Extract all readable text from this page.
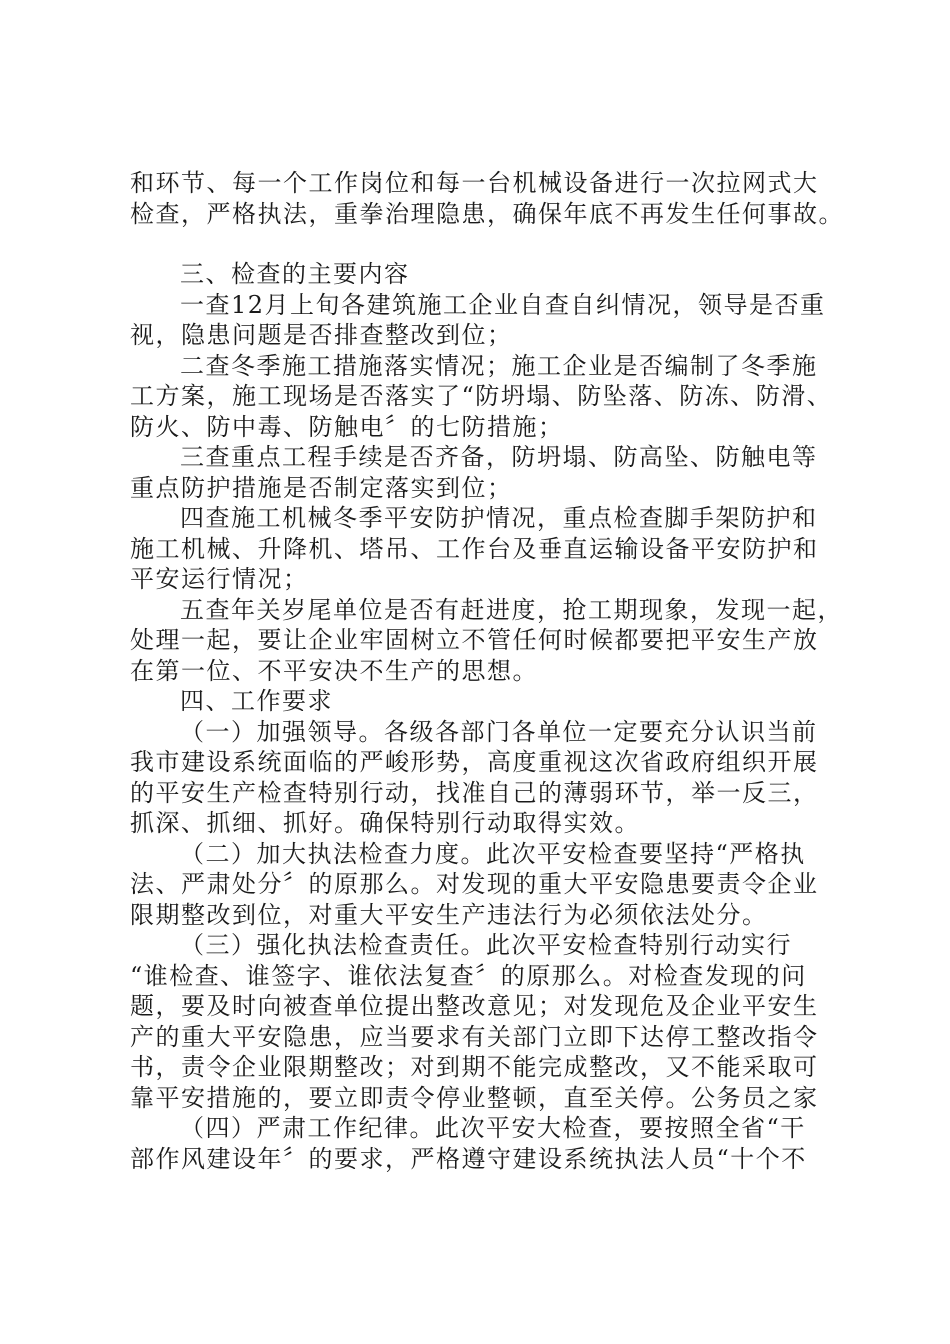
和环节、每一个工作岗位和每一台机械设备进行一次拉网式大
检查，严格执法，重拳治理隐患，确保年底不再发生任何事故。
三、检查的主要内容
一查12月上旬各建筑施工企业自查自纠情况，领导是否重
视，隐患问题是否排查整改到位；
二查冬季施工措施落实情况；施工企业是否编制了冬季施
工方案，施工现场是否落实了“防坍塌、防坠落、防冻、防滑、
防火、防中毒、防触电〞的七防措施；
三查重点工程手续是否齐备，防坍塌、防高坠、防触电等
重点防护措施是否制定落实到位；
四查施工机械冬季平安防护情况，重点检查脚手架防护和
施工机械、升降机、塔吊、工作台及垂直运输设备平安防护和
平安运行情况；
五查年关岁尾单位是否有赶进度，抢工期现象，发现一起，
处理一起，要让企业牢固树立不管任何时候都要把平安生产放
在第一位、不平安决不生产的思想。
四、工作要求
（一）加强领导。各级各部门各单位一定要充分认识当前
我市建设系统面临的严峻形势，高度重视这次省政府组织开展
的平安生产检查特别行动，找准自己的薄弱环节，举一反三，
抓深、抓细、抓好。确保特别行动取得实效。
（二）加大执法检查力度。此次平安检查要坚持“严格执
法、严肃处分〞的原那么。对发现的重大平安隐患要责令企业
限期整改到位，对重大平安生产违法行为必须依法处分。
（三）强化执法检查责任。此次平安检查特别行动实行
“谁检查、谁签字、谁依法复查〞的原那么。对检查发现的问
题，要及时向被查单位提出整改意见；对发现危及企业平安生
产的重大平安隐患，应当要求有关部门立即下达停工整改指令
书，责令企业限期整改；对到期不能完成整改，又不能采取可
靠平安措施的，要立即责令停业整顿，直至关停。公务员之家
（四）严肃工作纪律。此次平安大检查，要按照全省“干
部作风建设年〞的要求，严格遵守建设系统执法人员“十个不
